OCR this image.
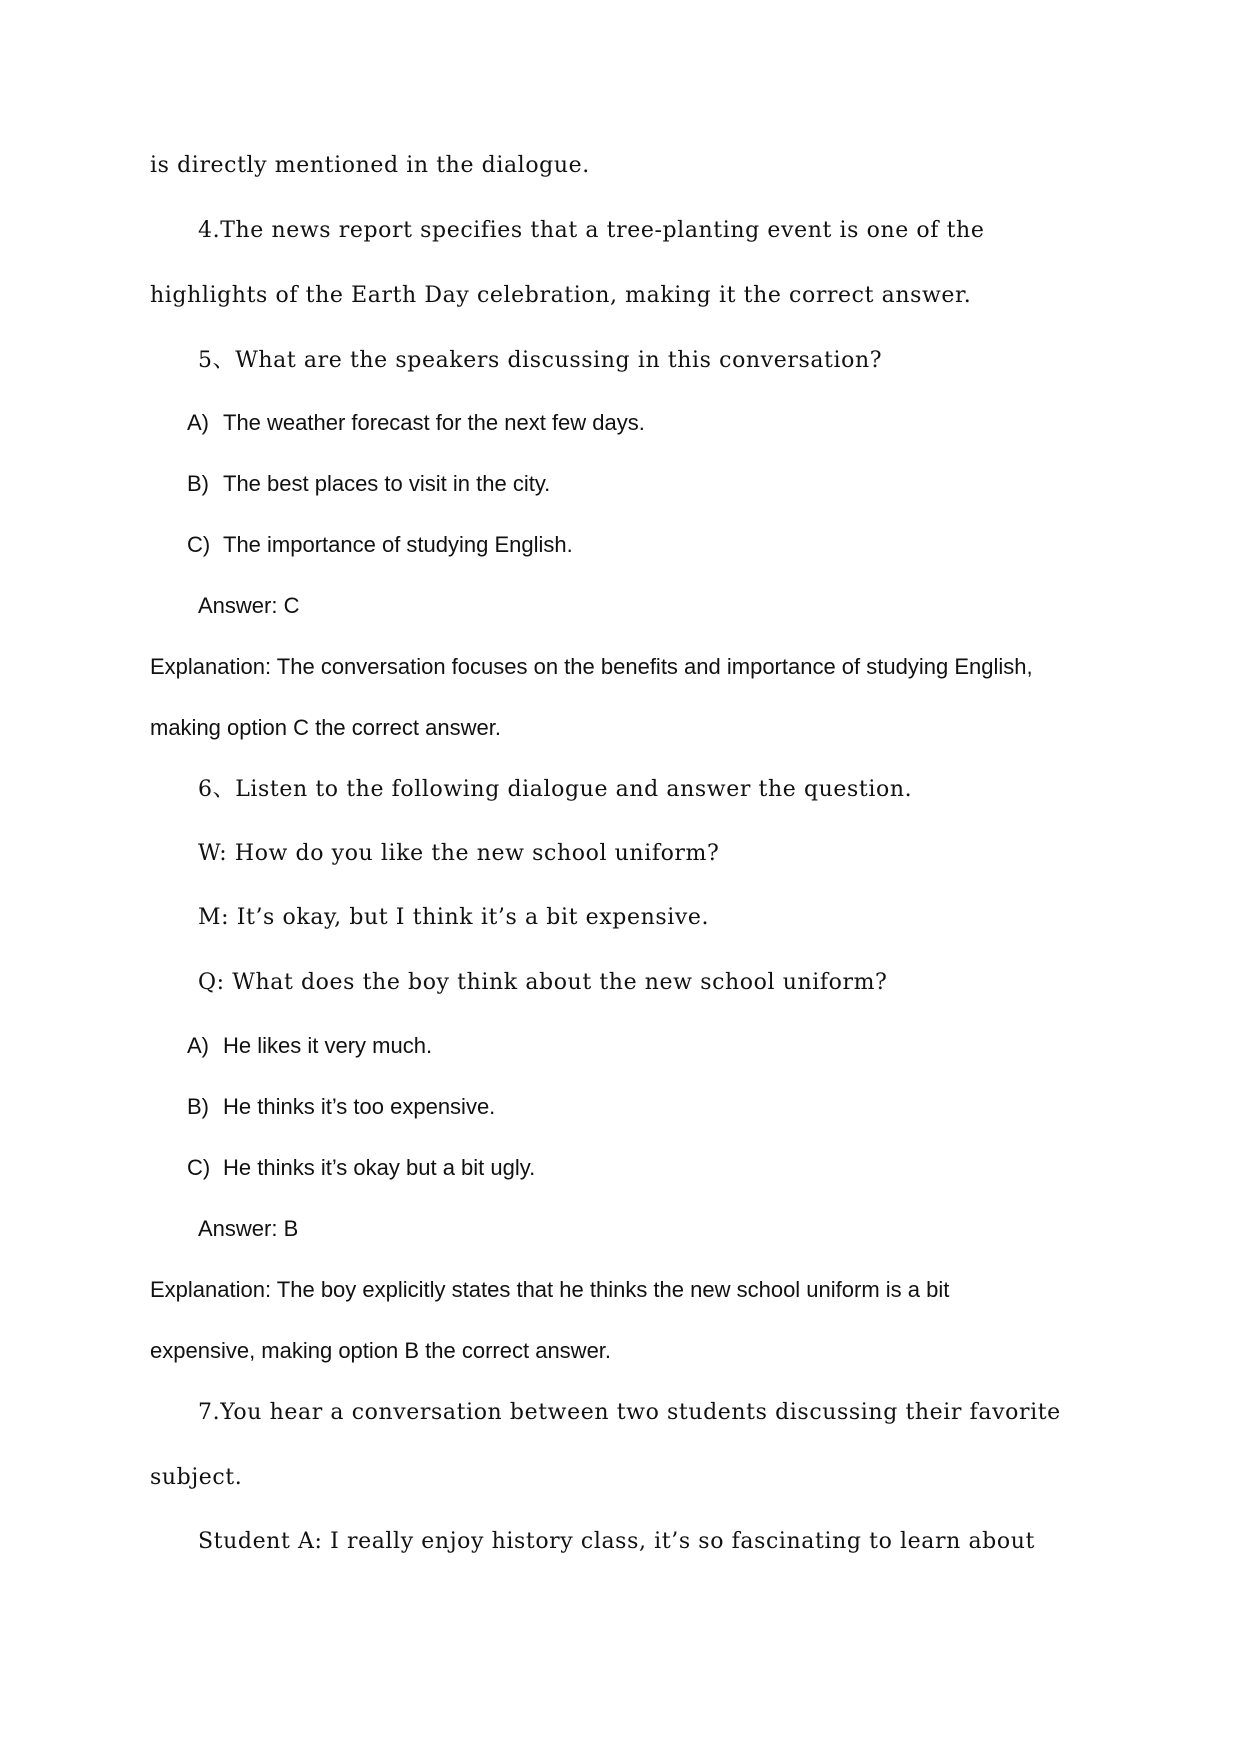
is directly mentioned in the dialogue.
4.The news report specifies that a tree-planting event is one of the
highlights of the Earth Day celebration, making it the correct answer.
5、What are the speakers discussing in this conversation?
A) The weather forecast for the next few days.
B) The best places to visit in the city.
C) The importance of studying English.
Answer: C
Explanation: The conversation focuses on the benefits and importance of studying English,
making option C the correct answer.
6、Listen to the following dialogue and answer the question.
W: How do you like the new school uniform?
M: It’s okay, but I think it’s a bit expensive.
Q: What does the boy think about the new school uniform?
A) He likes it very much.
B) He thinks it’s too expensive.
C) He thinks it’s okay but a bit ugly.
Answer: B
Explanation: The boy explicitly states that he thinks the new school uniform is a bit
expensive, making option B the correct answer.
7.You hear a conversation between two students discussing their favorite
subject.
Student A: I really enjoy history class, it’s so fascinating to learn about
